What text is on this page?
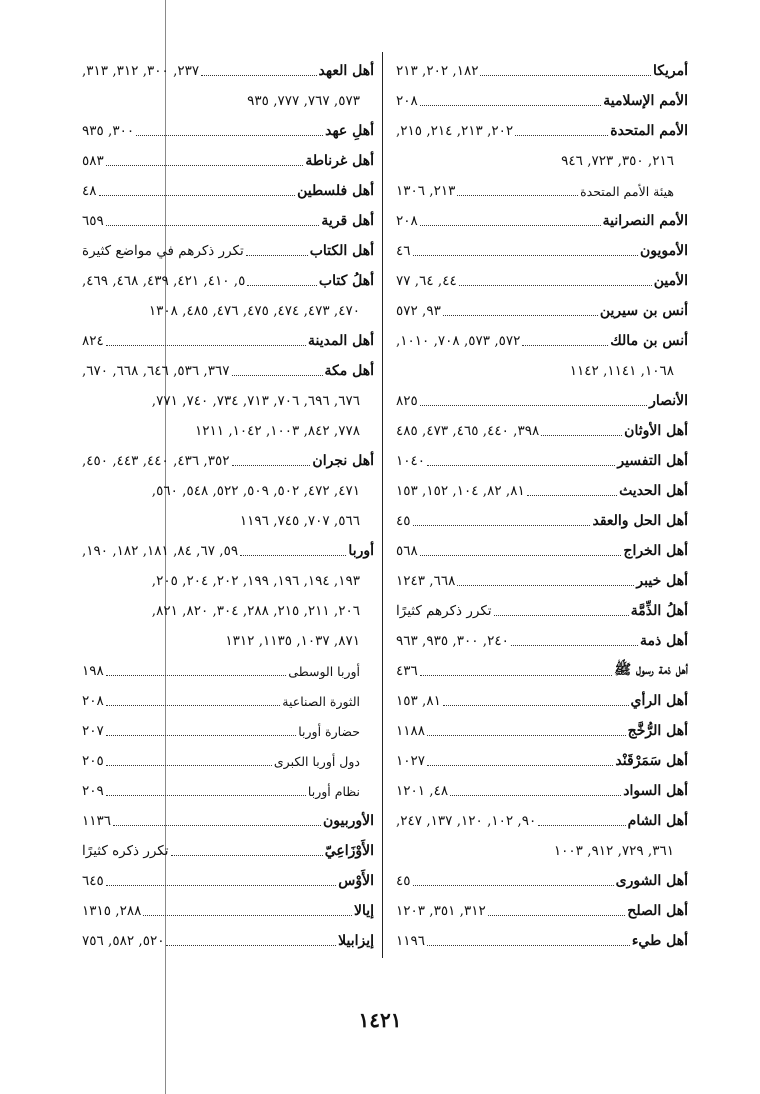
أمريكا
١٨٢, ٢٠٢, ٢١٣
الأمم الإسلامية
٢٠٨
الأمم المتحدة
٢٠٢, ٢١٣, ٢١٤, ٢١٥,
٢١٦, ٣٥٠, ٧٢٣, ٩٤٦
هيئة الأمم المتحدة
٢١٣, ١٣٠٦
الأمم النصرانية
٢٠٨
الأمويون
٤٦
الأمين
٤٤, ٦٤, ٧٧
أنس بن سيرين
٩٣, ٥٧٢
أنس بن مالك
٥٧٢, ٥٧٣, ٧٠٨, ١٠١٠,
١٠٦٨, ١١٤١, ١١٤٢
الأنصار
٨٢٥
أهل الأوثان
٣٩٨, ٤٤٠, ٤٦٥, ٤٧٣, ٤٨٥
أهل التفسير
١٠٤٠
أهل الحديث
٨١, ٨٢, ١٠٤, ١٥٢, ١٥٣
أهل الحل والعقد
٤٥
أهل الخراج
٥٦٨
أهل خيبر
٦٦٨, ١٢٤٣
أهلُ الذِّمَّة
تكرر ذكرهم كثيرًا
أهل ذمة
٢٤٠, ٣٠٠, ٩٣٥, ٩٦٣
أهل ذمة رسول ﷺ
٤٣٦
أهل الرأي
٨١, ١٥٣
أهل الرُّخَّج
١١٨٨
أهل سَمَرْقَنْد
١٠٢٧
أهل السواد
٤٨, ١٢٠١
أهل الشام
٩٠, ١٠٢, ١٢٠, ١٣٧, ٢٤٧,
٣٦١, ٧٢٩, ٩١٢, ١٠٠٣
أهل الشورى
٤٥
أهل الصلح
٣١٢, ٣٥١, ١٢٠٣
أهل طيء
١١٩٦
أهل العهد
٢٣٧, ٣٠٠, ٣١٢, ٣١٣,
٥٧٣, ٧٦٧, ٧٧٧, ٩٣٥
أهلِ عهد
٣٠٠, ٩٣٥
أهل غرناطة
٥٨٣
أهل فلسطين
٤٨
أهل قرية
٦٥٩
أهل الكتاب
تكرر ذكرهم في مواضع كثيرة
أهلُ كتاب
٥, ٤١٠, ٤٢١, ٤٣٩, ٤٦٨, ٤٦٩,
٤٧٠, ٤٧٣, ٤٧٤, ٤٧٥, ٤٧٦, ٤٨٥, ١٣٠٨
أهل المدينة
٨٢٤
أهل مكة
٣٦٧, ٥٣٦, ٦٤٦, ٦٦٨, ٦٧٠,
٦٧٦, ٦٩٦, ٧٠٦, ٧١٣, ٧٣٤, ٧٤٠, ٧٧١,
٧٧٨, ٨٤٢, ١٠٠٣, ١٠٤٢, ١٢١١
أهل نجران
٣٥٢, ٤٣٦, ٤٤٠, ٤٤٣, ٤٥٠,
٤٧١, ٤٧٢, ٥٠٢, ٥٠٩, ٥٢٢, ٥٤٨, ٥٦٠,
٥٦٦, ٧٠٧, ٧٤٥, ١١٩٦
أوربا
٥٩, ٦٧, ٨٤, ١٨١, ١٨٢, ١٩٠,
١٩٣, ١٩٤, ١٩٦, ١٩٩, ٢٠٢, ٢٠٤, ٢٠٥,
٢٠٦, ٢١١, ٢١٥, ٢٨٨, ٣٠٤, ٨٢٠, ٨٢١,
٨٧١, ١٠٣٧, ١١٣٥, ١٣١٢
أوربا الوسطى
١٩٨
الثورة الصناعية
٢٠٨
حضارة أوربا
٢٠٧
دول أوربا الكبرى
٢٠٥
نظام أوربا
٢٠٩
الأوربيون
١١٣٦
الأَوْزَاعِيّ
تكرر ذكره كثيرًا
الأَوْس
٦٤٥
إيالا
٢٨٨, ١٣١٥
إيزابيلا
٥٢٠, ٥٨٢, ٧٥٦
١٤٢١
